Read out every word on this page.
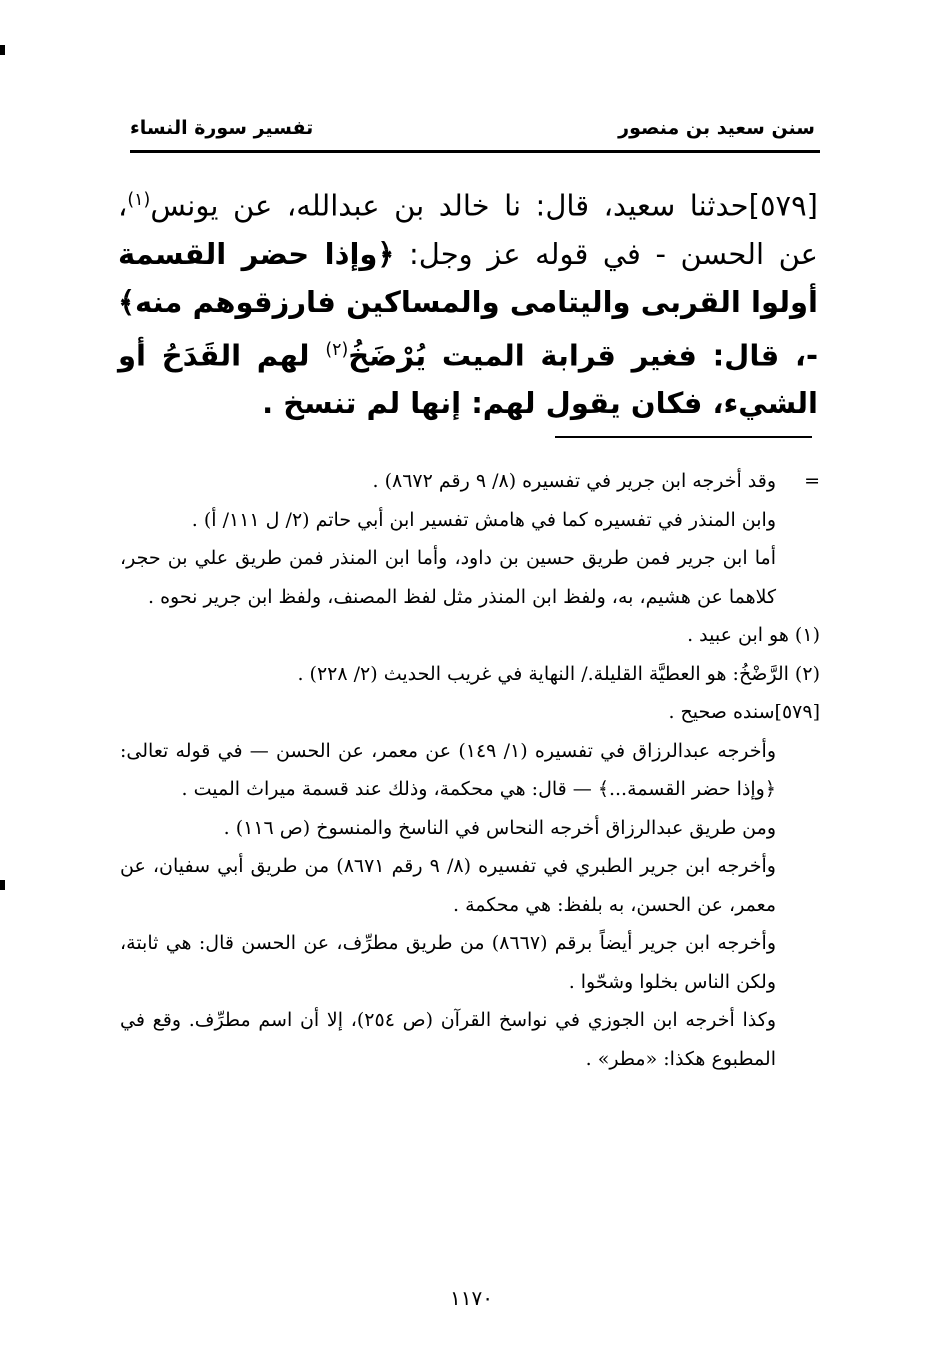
سنن سعيد بن منصور
تفسير سورة النساء

[٥٧٩]حدثنا سعيد، قال: نا خالد بن عبدالله، عن يونس$^{(١)}$، عن الحسن - في قوله عز وجل: ﴿وإذا حضر القسمة أولوا القربى واليتامى والمساكين فارزقوهم منه﴾ -، قال: فغير قرابة الميت يُرْضَخُ$^{(٢)}$ لهم القَدَحُ أو الشيء، فكان يقول لهم: إنها لم تنسخ .

=وقد أخرجه ابن جرير في تفسيره (٨/ ٩ رقم ٨٦٧٢) .

وابن المنذر في تفسيره كما في هامش تفسير ابن أبي حاتم (٢/ ل ١١١/ أ) .

أما ابن جرير فمن طريق حسين بن داود، وأما ابن المنذر فمن طريق علي بن حجر، كلاهما عن هشيم، به، ولفظ ابن المنذر مثل لفظ المصنف، ولفظ ابن جرير نحوه .

(١) هو ابن عبيد .

(٢) الرَّضْخُ: هو العطيَّة القليلة./ النهاية في غريب الحديث (٢/ ٢٢٨) .

[٥٧٩]سنده صحيح .

وأخرجه عبدالرزاق في تفسيره (١/ ١٤٩) عن معمر، عن الحسن — في قوله تعالى: ﴿وإذا حضر القسمة...﴾ — قال: هي محكمة، وذلك عند قسمة ميراث الميت .

ومن طريق عبدالرزاق أخرجه النحاس في الناسخ والمنسوخ (ص ١١٦) .

وأخرجه ابن جرير الطبري في تفسيره (٨/ ٩ رقم ٨٦٧١) من طريق أبي سفيان، عن معمر، عن الحسن، به بلفظ: هي محكمة .

وأخرجه ابن جرير أيضاً برقم (٨٦٦٧) من طريق مطرِّف، عن الحسن قال: هي ثابتة، ولكن الناس بخلوا وشحّوا .

وكذا أخرجه ابن الجوزي في نواسخ القرآن (ص ٢٥٤)، إلا أن اسم مطرِّف. وقع في المطبوع هكذا: «مطر» .

١١٧٠
